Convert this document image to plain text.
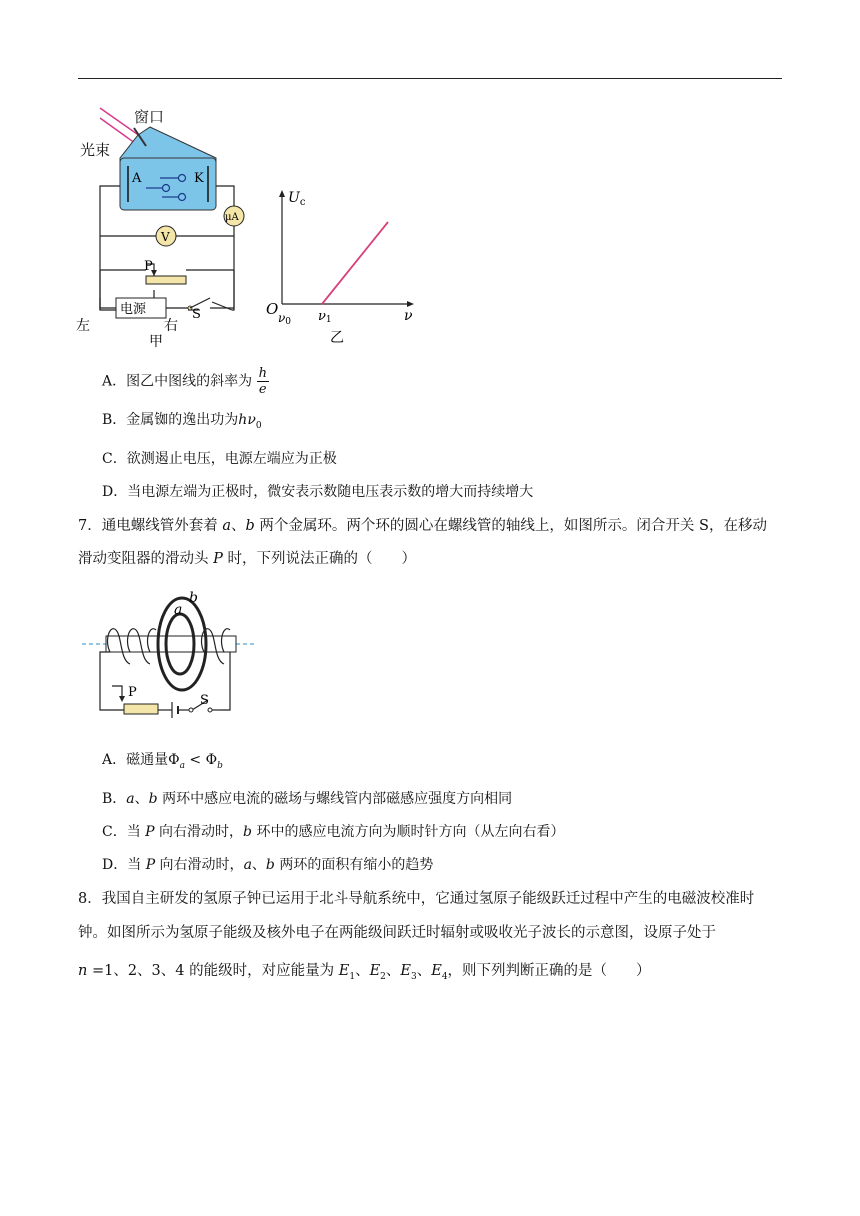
A	K
μA
V
P
电源
左	右
S
甲
窗口
光束
$U_c$
O ν0 ν1	ν
乙
A．图乙中图线的斜率为 $\frac{h}{e}$
B．金属铷的逸出功为$h\nu_0$
C．欲测遏止电压，电源左端应为正极
D．当电源左端为正极时，微安表示数随电压表示数的增大而持续增大
7．通电螺线管外套着 a、b 两个金属环。两个环的圆心在螺线管的轴线上，如图所示。闭合开关 S，在移动
滑动变阻器的滑动头 P 时，下列说法正确的（　　）
b
a
P
S
A．磁通量$\Phi_a < \Phi_b$
B．a、b 两环中感应电流的磁场与螺线管内部磁感应强度方向相同
C．当 P 向右滑动时，b 环中的感应电流方向为顺时针方向（从左向右看）
D．当 P 向右滑动时，a、b 两环的面积有缩小的趋势
8．我国自主研发的氢原子钟已运用于北斗导航系统中，它通过氢原子能级跃迁过程中产生的电磁波校准时
钟。如图所示为氢原子能级及核外电子在两能级间跃迁时辐射或吸收光子波长的示意图，设原子处于
n =1、2、3、4 的能级时，对应能量为 $E_1$、$E_2$、$E_3$、$E_4$，则下列判断正确的是（　　）
